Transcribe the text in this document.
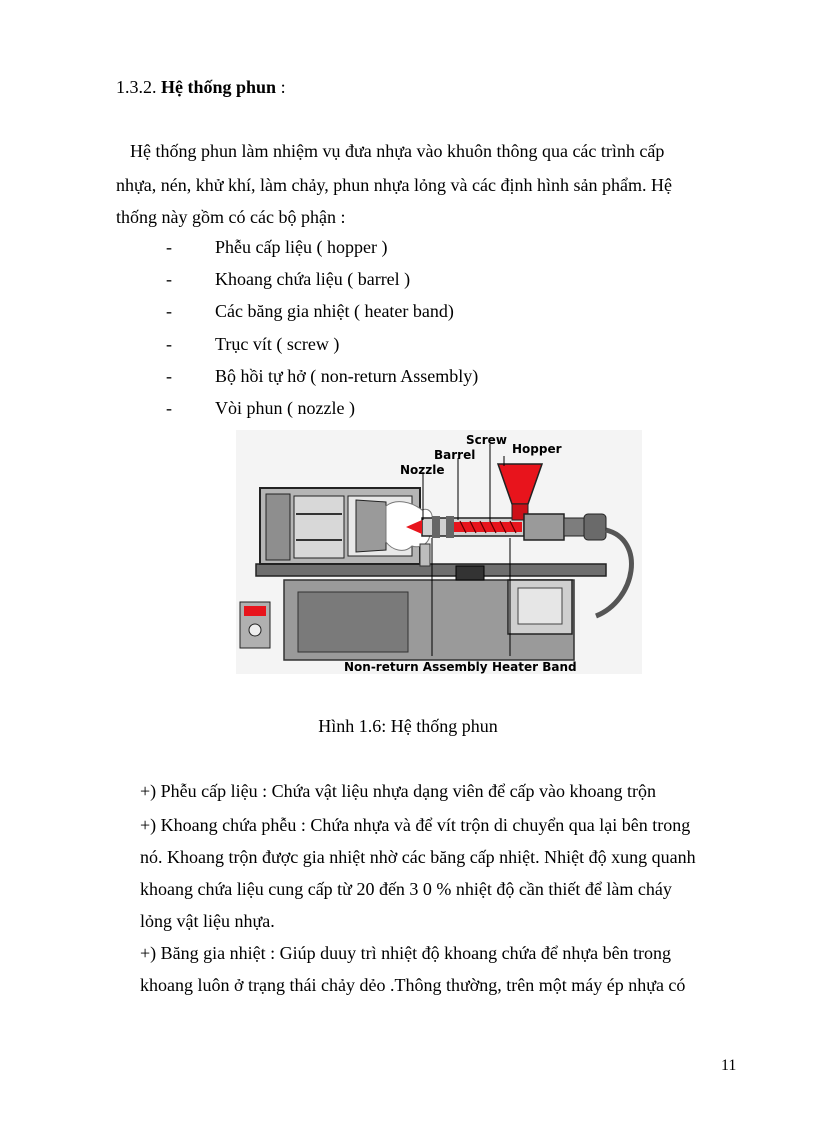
1.3.2. Hệ thống phun :
Hệ thống phun làm nhiệm vụ đưa nhựa vào khuôn thông qua các trình cấp
nhựa, nén, khử khí, làm chảy, phun nhựa lỏng và các định hình sản phẩm. Hệ
thống này gồm có các bộ phận :
- Phễu cấp liệu ( hopper )
- Khoang chứa liệu ( barrel )
- Các băng gia nhiệt ( heater band)
- Trục vít ( screw )
- Bộ hồi tự hở ( non-return Assembly)
- Vòi phun ( nozzle )
Screw
Hopper
Barrel
Nozzle
Non-return Assembly Heater Band
Hình 1.6: Hệ thống phun
+) Phễu cấp liệu : Chứa vật liệu nhựa dạng viên để cấp vào khoang trộn
+) Khoang chứa phễu : Chứa nhựa và để vít trộn di chuyển qua lại bên trong
nó. Khoang trộn được gia nhiệt nhờ các băng cấp nhiệt. Nhiệt độ xung quanh
khoang chứa liệu cung cấp từ 20 đến 3 0 % nhiệt độ cần thiết để làm cháy
lỏng vật liệu nhựa.
+) Băng gia nhiệt : Giúp duuy trì nhiệt độ khoang chứa để nhựa bên trong
khoang luôn ở trạng thái chảy dẻo .Thông thường, trên một máy ép nhựa có
11
